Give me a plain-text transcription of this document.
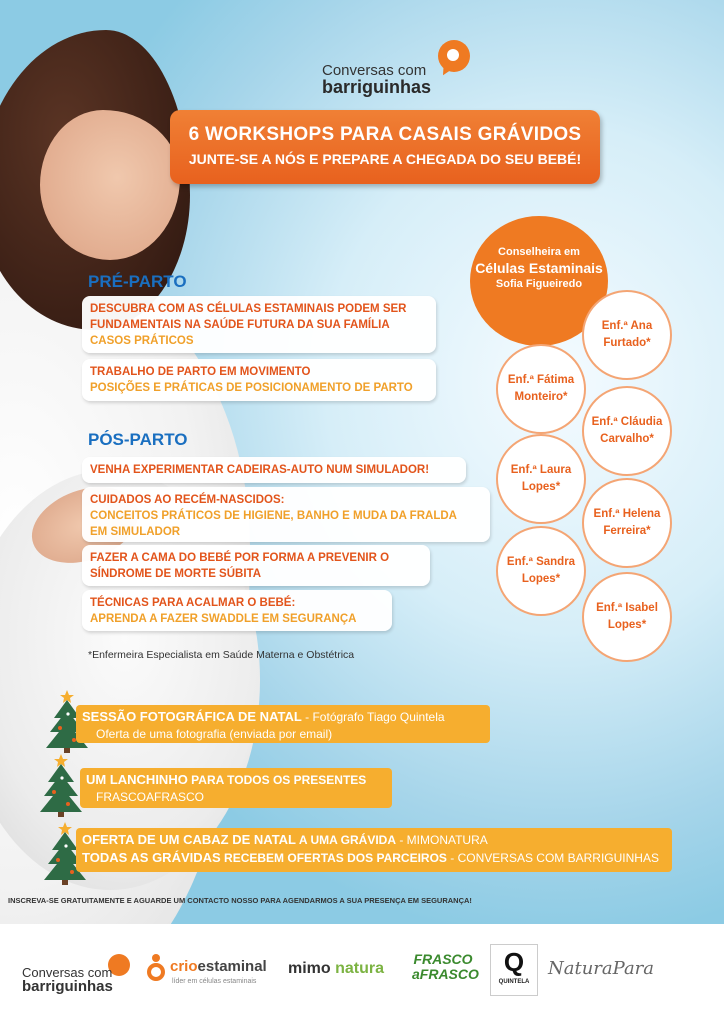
Conversas com
barriguinhas
6 WORKSHOPS PARA CASAIS GRÁVIDOS
JUNTE-SE A NÓS E PREPARE A CHEGADA DO SEU BEBÉ!
PRÉ-PARTO
DESCUBRA COM AS CÉLULAS ESTAMINAIS PODEM SER
FUNDAMENTAIS NA SAÚDE FUTURA DA SUA FAMÍLIA
CASOS PRÁTICOS
TRABALHO DE PARTO EM MOVIMENTO
POSIÇÕES E PRÁTICAS DE POSICIONAMENTO DE PARTO
PÓS-PARTO
VENHA EXPERIMENTAR CADEIRAS-AUTO NUM SIMULADOR!
CUIDADOS AO RECÉM-NASCIDOS:
CONCEITOS PRÁTICOS DE HIGIENE, BANHO E MUDA DA FRALDA
EM SIMULADOR
FAZER A CAMA DO BEBÉ POR FORMA A PREVENIR O
SÍNDROME DE MORTE SÚBITA
TÉCNICAS PARA ACALMAR O BEBÉ:
APRENDA A FAZER SWADDLE EM SEGURANÇA
Conselheira em
Células Estaminais
Sofia Figueiredo
Enf.ª Ana
Furtado*
Enf.ª Fátima
Monteiro*
Enf.ª Cláudia
Carvalho*
Enf.ª Laura
Lopes*
Enf.ª Helena
Ferreira*
Enf.ª Sandra
Lopes*
Enf.ª Isabel
Lopes*
*Enfermeira Especialista em Saúde Materna e Obstétrica
SESSÃO FOTOGRÁFICA DE NATAL - Fotógrafo Tiago Quintela
Oferta de uma fotografia (enviada por email)
UM LANCHINHO PARA TODOS OS PRESENTES
FRASCOAFRASCO
OFERTA DE UM CABAZ DE NATAL A UMA GRÁVIDA - MIMONATURA
TODAS AS GRÁVIDAS RECEBEM OFERTAS DOS PARCEIROS - CONVERSAS COM BARRIGUINHAS
INSCREVA-SE GRATUITAMENTE E AGUARDE UM CONTACTO NOSSO PARA AGENDARMOS A SUA PRESENÇA EM SEGURANÇA!
Conversas com
barriguinhas
crioestaminal
líder em células estaminais
mimo natura
FRASCO
aFRASCO Q
QUINTELA
NaturaPara
